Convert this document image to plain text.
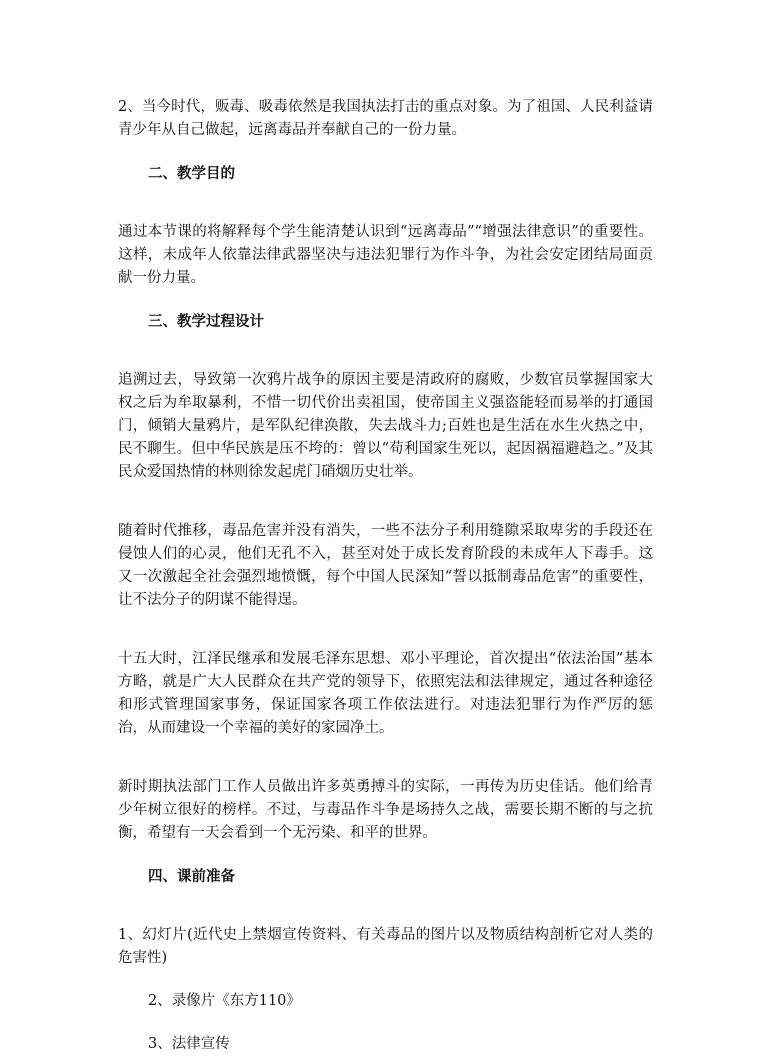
2、当今时代，贩毒、吸毒依然是我国执法打击的重点对象。为了祖国、人民利益请青少年从自己做起，远离毒品并奉献自己的一份力量。

二、教学目的

通过本节课的将解释每个学生能清楚认识到“远离毒品”“增强法律意识”的重要性。这样，未成年人依靠法律武器坚决与违法犯罪行为作斗争，为社会安定团结局面贡献一份力量。

三、教学过程设计

追溯过去，导致第一次鸦片战争的原因主要是清政府的腐败，少数官员掌握国家大权之后为牟取暴利，不惜一切代价出卖祖国，使帝国主义强盗能轻而易举的打通国门，倾销大量鸦片，是军队纪律涣散，失去战斗力;百姓也是生活在水生火热之中，民不聊生。但中华民族是压不垮的：曾以“苟利国家生死以，起因祸福避趋之。”及其民众爱国热情的林则徐发起虎门硝烟历史壮举。

随着时代推移，毒品危害并没有消失，一些不法分子利用缝隙采取卑劣的手段还在侵蚀人们的心灵，他们无孔不入，甚至对处于成长发育阶段的未成年人下毒手。这又一次激起全社会强烈地愤慨，每个中国人民深知“誓以抵制毒品危害”的重要性，让不法分子的阴谋不能得逞。

十五大时，江泽民继承和发展毛泽东思想、邓小平理论，首次提出“依法治国”基本方略，就是广大人民群众在共产党的领导下，依照宪法和法律规定，通过各种途径和形式管理国家事务，保证国家各项工作依法进行。对违法犯罪行为作严厉的惩治，从而建设一个幸福的美好的家园净土。

新时期执法部门工作人员做出许多英勇搏斗的实际，一再传为历史佳话。他们给青少年树立很好的榜样。不过，与毒品作斗争是场持久之战，需要长期不断的与之抗衡，希望有一天会看到一个无污染、和平的世界。

四、课前准备

1、幻灯片(近代史上禁烟宣传资料、有关毒品的图片以及物质结构剖析它对人类的危害性)

2、录像片《东方110》

3、法律宣传
